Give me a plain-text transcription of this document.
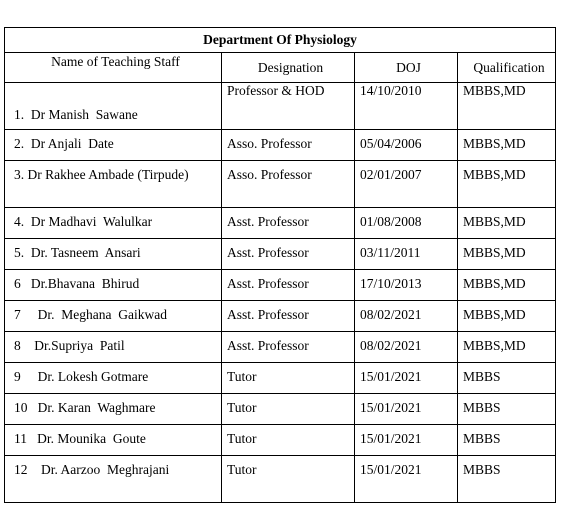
Department Of Physiology			
Name of Teaching Staff	Designation	DOJ	Qualification
1.  Dr Manish  Sawane	Professor & HOD	14/10/2010	MBBS,MD
2.  Dr Anjali  Date	Asso. Professor	05/04/2006	MBBS,MD
3. Dr Rakhee Ambade (Tirpude)	Asso. Professor	02/01/2007	MBBS,MD
4.  Dr Madhavi  Walulkar	Asst. Professor	01/08/2008	MBBS,MD
5.  Dr. Tasneem  Ansari	Asst. Professor	03/11/2011	MBBS,MD
6   Dr.Bhavana  Bhirud	Asst. Professor	17/10/2013	MBBS,MD
7     Dr.  Meghana  Gaikwad	Asst. Professor	08/02/2021	MBBS,MD
8    Dr.Supriya  Patil	Asst. Professor	08/02/2021	MBBS,MD
9     Dr. Lokesh Gotmare	Tutor	15/01/2021	MBBS
10   Dr. Karan  Waghmare	Tutor	15/01/2021	MBBS
11   Dr. Mounika  Goute	Tutor	15/01/2021	MBBS
12    Dr. Aarzoo  Meghrajani	Tutor	15/01/2021	MBBS
